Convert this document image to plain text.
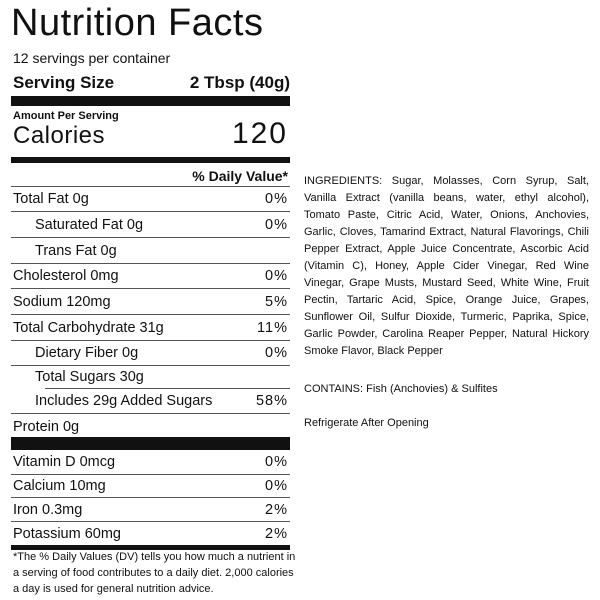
Nutrition Facts
12 servings per container
Serving Size	2 Tbsp (40g)
Amount Per Serving
Calories	120
% Daily Value*
Total Fat 0g	0%
Saturated Fat 0g	0%
Trans Fat 0g
Cholesterol 0mg	0%
Sodium 120mg	5%
Total Carbohydrate 31g	11%
Dietary Fiber 0g	0%
Total Sugars 30g
Includes 29g Added Sugars	58%
Protein 0g
Vitamin D 0mcg	0%
Calcium 10mg	0%
Iron 0.3mg	2%
Potassium 60mg	2%
*The % Daily Values (DV) tells you how much a nutrient in a serving of food contributes to a daily diet. 2,000 calories a day is used for general nutrition advice.
INGREDIENTS: Sugar, Molasses, Corn Syrup, Salt, Vanilla Extract (vanilla beans, water, ethyl alcohol), Tomato Paste, Citric Acid, Water, Onions, Anchovies, Garlic, Cloves, Tamarind Extract, Natural Flavorings, Chili Pepper Extract, Apple Juice Concentrate, Ascorbic Acid (Vitamin C), Honey, Apple Cider Vinegar, Red Wine Vinegar, Grape Musts, Mustard Seed, White Wine, Fruit Pectin, Tartaric Acid, Spice, Orange Juice, Grapes, Sunflower Oil, Sulfur Dioxide, Turmeric, Paprika, Spice, Garlic Powder, Carolina Reaper Pepper, Natural Hickory Smoke Flavor, Black Pepper
CONTAINS: Fish (Anchovies) & Sulfites
Refrigerate After Opening
